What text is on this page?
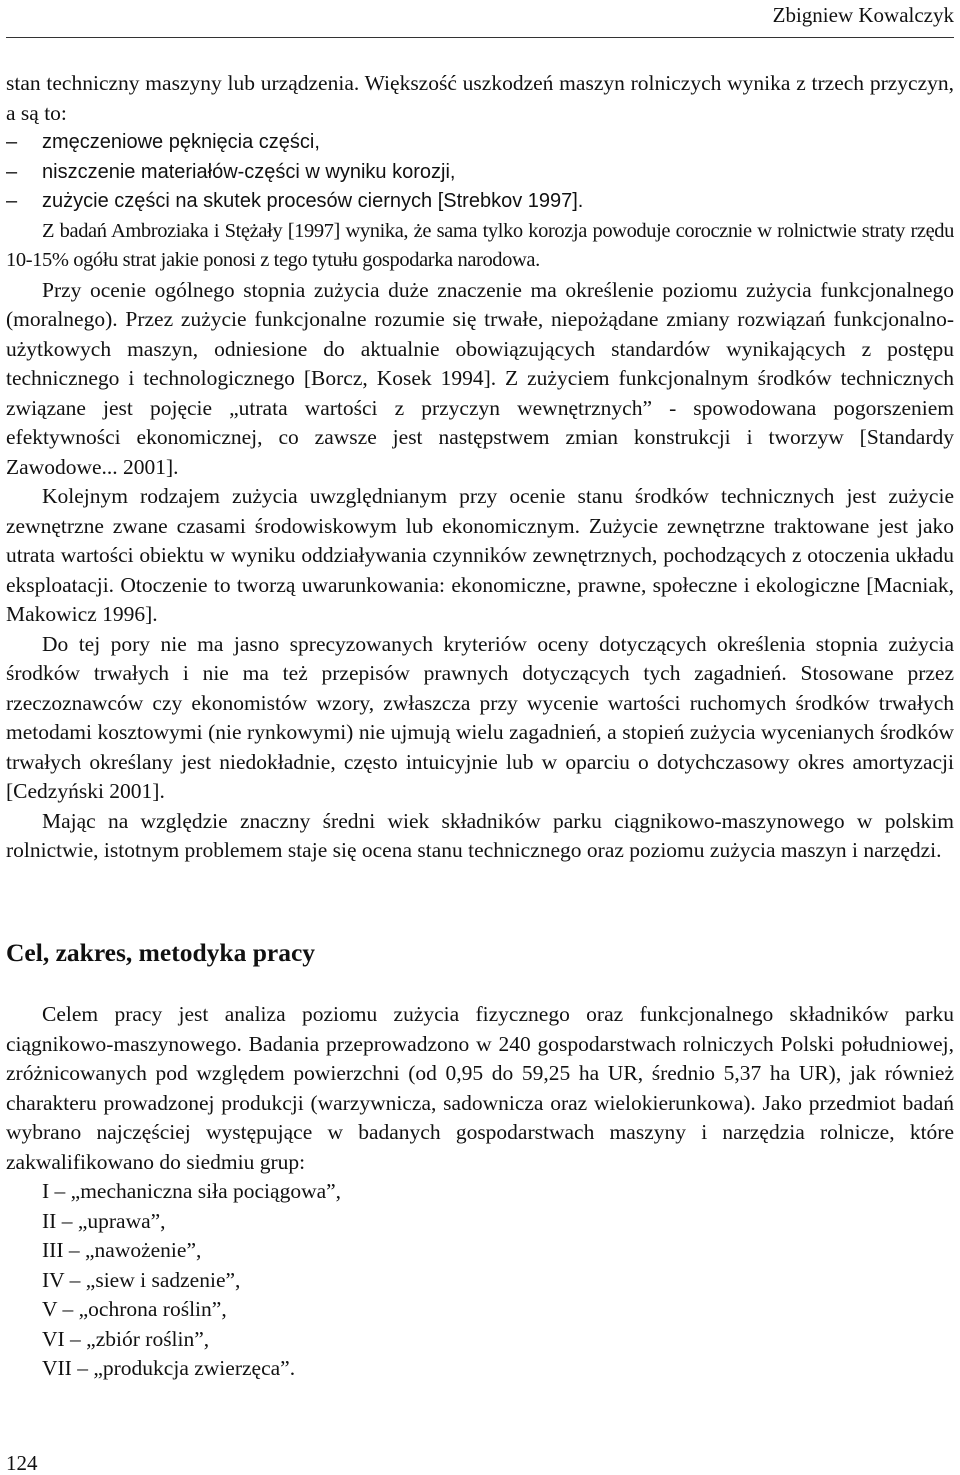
Zbigniew Kowalczyk

stan techniczny maszyny lub urządzenia. Większość uszkodzeń maszyn rolniczych wynika z trzech przyczyn, a są to:

–	zmęczeniowe pęknięcia części,
–	niszczenie materiałów-części w wyniku korozji,
–	zużycie części na skutek procesów ciernych [Strebkov 1997].

Z badań Ambroziaka i Stężały [1997] wynika, że sama tylko korozja powoduje corocznie w rolnictwie straty rzędu 10-15% ogółu strat jakie ponosi z tego tytułu gospodarka narodowa.

Przy ocenie ogólnego stopnia zużycia duże znaczenie ma określenie poziomu zużycia funkcjonalnego (moralnego). Przez zużycie funkcjonalne rozumie się trwałe, niepożądane zmiany rozwiązań funkcjonalno-użytkowych maszyn, odniesione do aktualnie obowiązujących standardów wynikających z postępu technicznego i technologicznego [Borcz, Kosek 1994]. Z zużyciem funkcjonalnym środków technicznych związane jest pojęcie „utrata wartości z przyczyn wewnętrznych” - spowodowana pogorszeniem efektywności ekonomicznej, co zawsze jest następstwem zmian konstrukcji i tworzyw [Standardy Zawodowe... 2001].

Kolejnym rodzajem zużycia uwzględnianym przy ocenie stanu środków technicznych jest zużycie zewnętrzne zwane czasami środowiskowym lub ekonomicznym. Zużycie zewnętrzne traktowane jest jako utrata wartości obiektu w wyniku oddziaływania czynników zewnętrznych, pochodzących z otoczenia układu eksploatacji. Otoczenie to tworzą uwarunkowania: ekonomiczne, prawne, społeczne i ekologiczne [Macniak, Makowicz 1996].

Do tej pory nie ma jasno sprecyzowanych kryteriów oceny dotyczących określenia stopnia zużycia środków trwałych i nie ma też przepisów prawnych dotyczących tych zagadnień. Stosowane przez rzeczoznawców czy ekonomistów wzory, zwłaszcza przy wycenie wartości ruchomych środków trwałych metodami kosztowymi (nie rynkowymi) nie ujmują wielu zagadnień, a stopień zużycia wycenianych środków trwałych określany jest niedokładnie, często intuicyjnie lub w oparciu o dotychczasowy okres amortyzacji [Cedzyński 2001].

Mając na względzie znaczny średni wiek składników parku ciągnikowo-maszynowego w polskim rolnictwie, istotnym problemem staje się ocena stanu technicznego oraz poziomu zużycia maszyn i narzędzi.

Cel, zakres, metodyka pracy

Celem pracy jest analiza poziomu zużycia fizycznego oraz funkcjonalnego składników parku ciągnikowo-maszynowego. Badania przeprowadzono w 240 gospodarstwach rolniczych Polski południowej, zróżnicowanych pod względem powierzchni (od 0,95 do 59,25 ha UR, średnio 5,37 ha UR), jak również charakteru prowadzonej produkcji (warzywnicza, sadownicza oraz wielokierunkowa). Jako przedmiot badań wybrano najczęściej występujące w badanych gospodarstwach maszyny i narzędzia rolnicze, które zakwalifikowano do siedmiu grup:

I – „mechaniczna siła pociągowa”,
II – „uprawa”,
III – „nawożenie”,
IV – „siew i sadzenie”,
V – „ochrona roślin”,
VI – „zbiór roślin”,
VII – „produkcja zwierzęca”.
124
